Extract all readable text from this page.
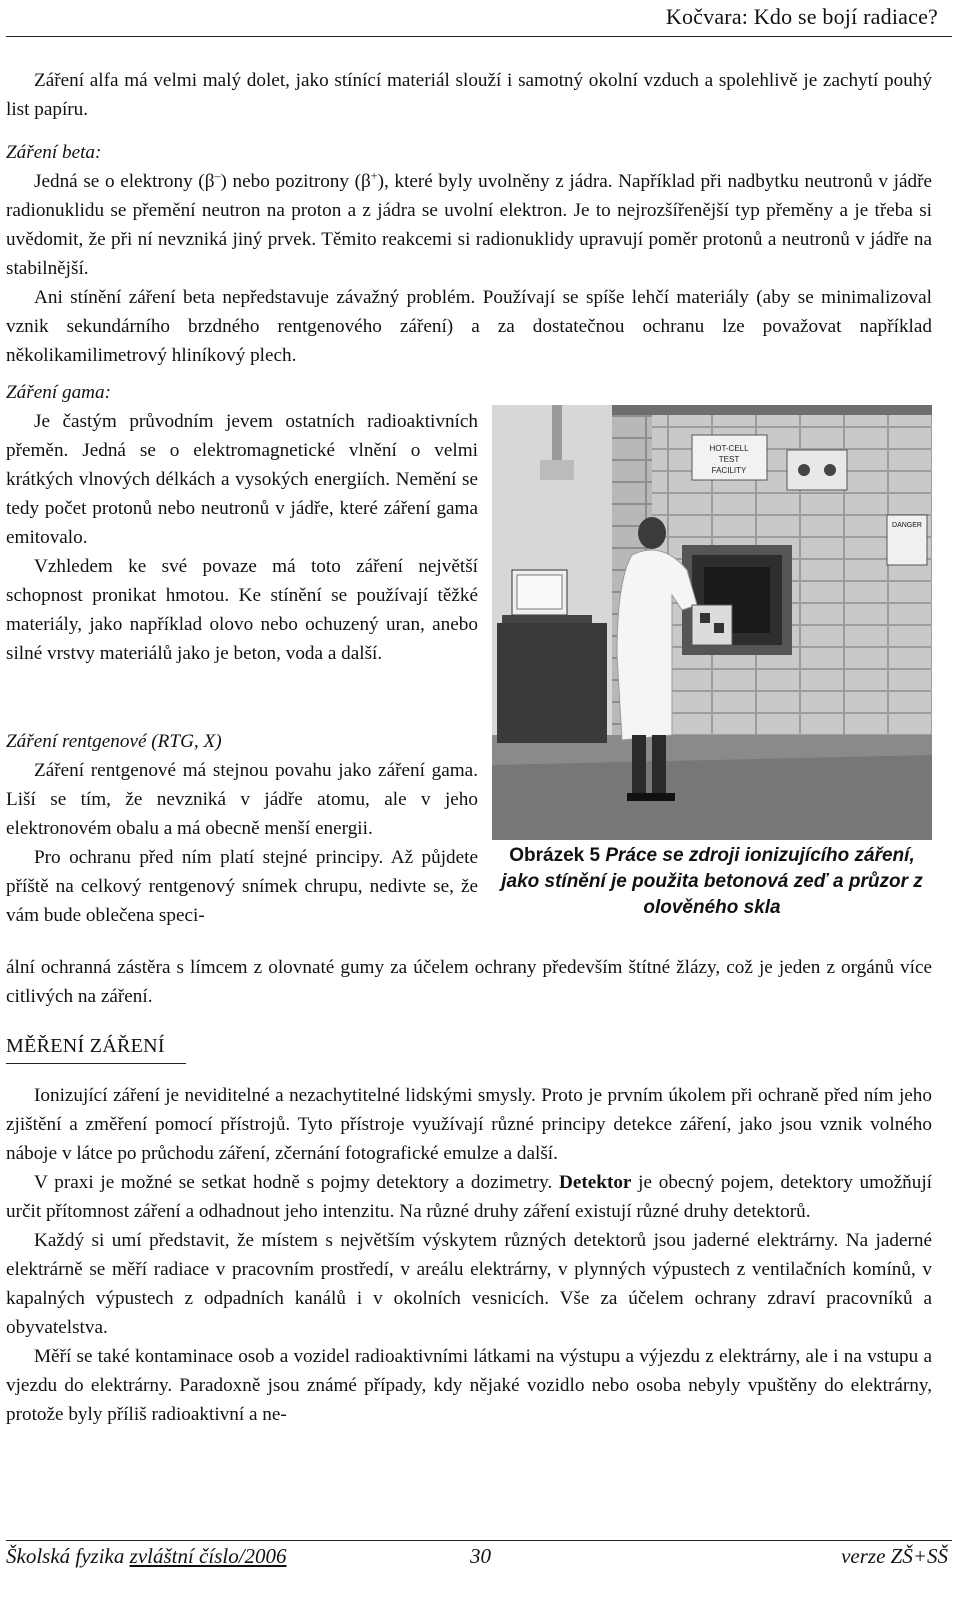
Kočvara: Kdo se bojí radiace?

Záření alfa má velmi malý dolet, jako stínící materiál slouží i samotný okolní vzduch a spolehlivě je zachytí pouhý list papíru.

Záření beta:

Jedná se o elektrony (β–) nebo pozitrony (β+), které byly uvolněny z jádra. Například při nadbytku neutronů v jádře radionuklidu se přemění neutron na proton a z jádra se uvolní elektron. Je to nejrozšířenější typ přeměny a je třeba si uvědomit, že při ní nevzniká jiný prvek. Těmito reakcemi si radionuklidy upravují poměr protonů a neutronů v jádře na stabilnější.

Ani stínění záření beta nepředstavuje závažný problém. Používají se spíše lehčí materiály (aby se minimalizoval vznik sekundárního brzdného rentgenového záření) a za dostatečnou ochranu lze považovat například několikamilimetrový hliníkový plech.

Záření gama:

Je častým průvodním jevem ostatních radioaktivních přeměn. Jedná se o elektromagnetické vlnění o velmi krátkých vlnových délkách a vysokých energiích. Nemění se tedy počet protonů nebo neutronů v jádře, které záření gama emitovalo.

Vzhledem ke své povaze má toto záření největší schopnost pronikat hmotou. Ke stínění se používají těžké materiály, jako například olovo nebo ochuzený uran, anebo silné vrstvy materiálů jako je beton, voda a další.

Záření rentgenové (RTG, X)

Záření rentgenové má stejnou povahu jako záření gama. Liší se tím, že nevzniká v jádře atomu, ale v jeho elektronovém obalu a má obecně menší energii.

Pro ochranu před ním platí stejné principy. Až půjdete příště na celkový rentgenový snímek chrupu, nedivte se, že vám bude oblečena speci-

ální ochranná zástěra s límcem z olovnaté gumy za účelem ochrany především štítné žlázy, což je jeden z orgánů více citlivých na záření.

HOT-CELL
TEST
FACILITY
DANGER
Obrázek 5 Práce se zdroji ionizujícího záření, jako stínění je použita betonová zeď a průzor z olověného skla
MĚŘENÍ ZÁŘENÍ

Ionizující záření je neviditelné a nezachytitelné lidskými smysly. Proto je prvním úkolem při ochraně před ním jeho zjištění a změření pomocí přístrojů. Tyto přístroje využívají různé principy detekce záření, jako jsou vznik volného náboje v látce po průchodu záření, zčernání fotografické emulze a další.

V praxi je možné se setkat hodně s pojmy detektory a dozimetry. Detektor je obecný pojem, detektory umožňují určit přítomnost záření a odhadnout jeho intenzitu. Na různé druhy záření existují různé druhy detektorů.

Každý si umí představit, že místem s největším výskytem různých detektorů jsou jaderné elektrárny. Na jaderné elektrárně se měří radiace v pracovním prostředí, v areálu elektrárny, v plynných výpustech z ventilačních komínů, v kapalných výpustech z odpadních kanálů i v okolních vesnicích. Vše za účelem ochrany zdraví pracovníků a obyvatelstva.

Měří se také kontaminace osob a vozidel radioaktivními látkami na výstupu a výjezdu z elektrárny, ale i na vstupu a vjezdu do elektrárny. Paradoxně jsou známé případy, kdy nějaké vozidlo nebo osoba nebyly vpuštěny do elektrárny, protože byly příliš radioaktivní a ne-

Školská fyzika zvláštní číslo/2006	30	verze ZŠ+SŠ
